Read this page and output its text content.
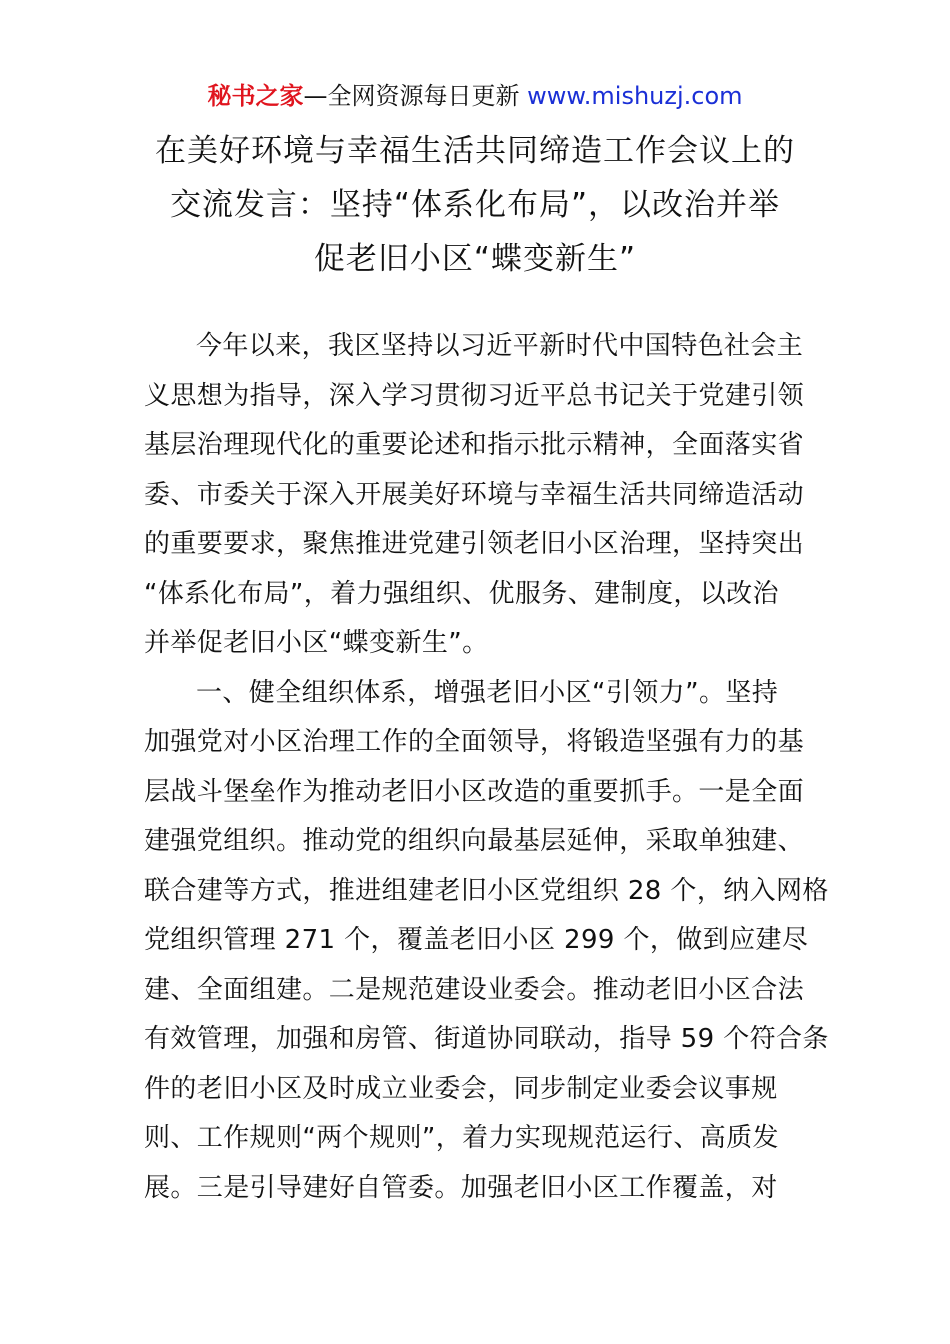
秘书之家—全网资源每日更新 www.mishuzj.com
在美好环境与幸福生活共同缔造工作会议上的
交流发言：坚持“体系化布局”，以改治并举
促老旧小区“蝶变新生”
今年以来，我区坚持以习近平新时代中国特色社会主
义思想为指导，深入学习贯彻习近平总书记关于党建引领
基层治理现代化的重要论述和指示批示精神，全面落实省
委、市委关于深入开展美好环境与幸福生活共同缔造活动
的重要要求，聚焦推进党建引领老旧小区治理，坚持突出
“体系化布局”，着力强组织、优服务、建制度，以改治
并举促老旧小区“蝶变新生”。
一、健全组织体系，增强老旧小区“引领力”。坚持
加强党对小区治理工作的全面领导，将锻造坚强有力的基
层战斗堡垒作为推动老旧小区改造的重要抓手。一是全面
建强党组织。推动党的组织向最基层延伸，采取单独建、
联合建等方式，推进组建老旧小区党组织 28 个，纳入网格
党组织管理 271 个，覆盖老旧小区 299 个，做到应建尽
建、全面组建。二是规范建设业委会。推动老旧小区合法
有效管理，加强和房管、街道协同联动，指导 59 个符合条
件的老旧小区及时成立业委会，同步制定业委会议事规
则、工作规则“两个规则”，着力实现规范运行、高质发
展。三是引导建好自管委。加强老旧小区工作覆盖，对
